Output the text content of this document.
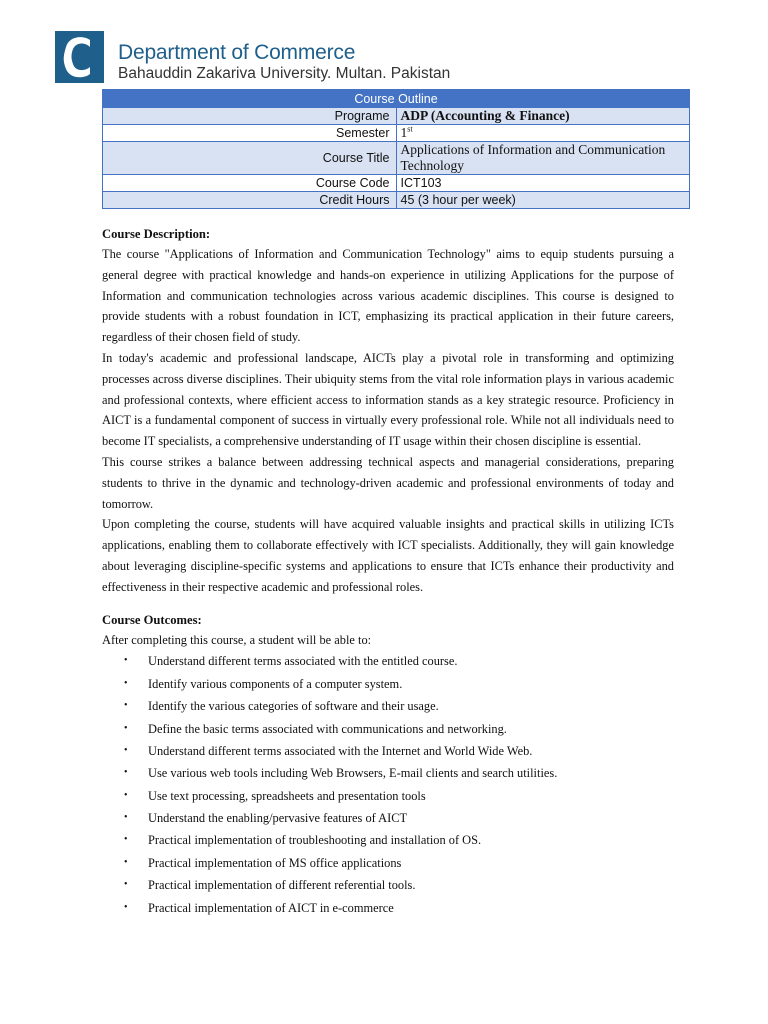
Department of Commerce
Bahauddin Zakariva University. Multan. Pakistan
Course Outline	
Programe	ADP (Accounting & Finance)
Semester	1st
Course Title	Applications of Information and Communication Technology
Course Code	ICT103
Credit Hours	45 (3 hour per week)
Course Description:

The course "Applications of Information and Communication Technology" aims to equip students pursuing a general degree with practical knowledge and hands-on experience in utilizing Applications for the purpose of Information and communication technologies across various academic disciplines. This course is designed to provide students with a robust foundation in ICT, emphasizing its practical application in their future careers, regardless of their chosen field of study.

In today's academic and professional landscape, AICTs play a pivotal role in transforming and optimizing processes across diverse disciplines. Their ubiquity stems from the vital role information plays in various academic and professional contexts, where efficient access to information stands as a key strategic resource. Proficiency in AICT is a fundamental component of success in virtually every professional role. While not all individuals need to become IT specialists, a comprehensive understanding of IT usage within their chosen discipline is essential.

This course strikes a balance between addressing technical aspects and managerial considerations, preparing students to thrive in the dynamic and technology-driven academic and professional environments of today and tomorrow.

Upon completing the course, students will have acquired valuable insights and practical skills in utilizing ICTs applications, enabling them to collaborate effectively with ICT specialists. Additionally, they will gain knowledge about leveraging discipline-specific systems and applications to ensure that ICTs enhance their productivity and effectiveness in their respective academic and professional roles.

Course Outcomes:

After completing this course, a student will be able to:

• Understand different terms associated with the entitled course.
• Identify various components of a computer system.
• Identify the various categories of software and their usage.
• Define the basic terms associated with communications and networking.
• Understand different terms associated with the Internet and World Wide Web.
• Use various web tools including Web Browsers, E-mail clients and search utilities.
• Use text processing, spreadsheets and presentation tools
• Understand the enabling/pervasive features of AICT
• Practical implementation of troubleshooting and installation of OS.
• Practical implementation of MS office applications
• Practical implementation of different referential tools.
• Practical implementation of AICT in e-commerce
